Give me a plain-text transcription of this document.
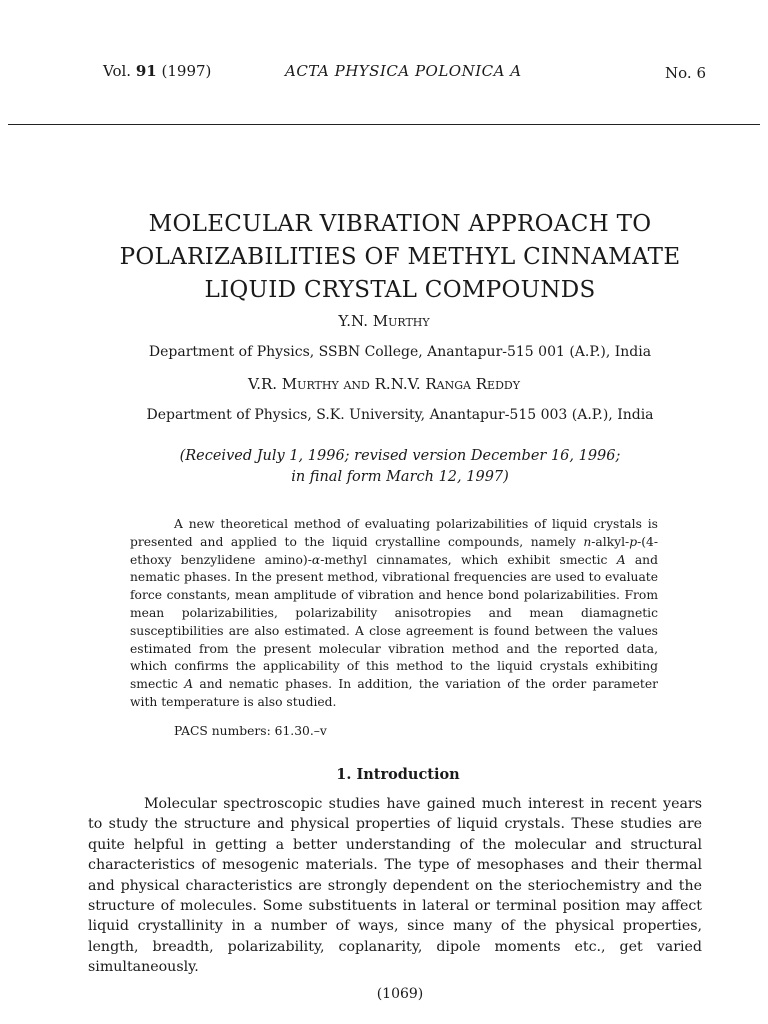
Vol. 91 (1997)	ACTA PHYSICA POLONICA A	No. 6
MOLECULAR VIBRATION APPROACH TO
POLARIZABILITIES OF METHYL CINNAMATE
LIQUID CRYSTAL COMPOUNDS
Y.N. Murthy
Department of Physics, SSBN College, Anantapur-515 001 (A.P.), India
V.R. Murthy and R.N.V. Ranga Reddy
Department of Physics, S.K. University, Anantapur-515 003 (A.P.), India
(Received July 1, 1996; revised version December 16, 1996;
in final form March 12, 1997)

A new theoretical method of evaluating polarizabilities of liquid crystals is presented and applied to the liquid crystalline compounds, namely n-alkyl-p-(4-ethoxy benzylidene amino)-α-methyl cinnamates, which exhibit smectic A and nematic phases. In the present method, vibrational frequencies are used to evaluate force constants, mean amplitude of vibration and hence bond polarizabilities. From mean polarizabilities, polarizability anisotropies and mean diamagnetic susceptibilities are also estimated. A close agreement is found between the values estimated from the present molecular vibration method and the reported data, which confirms the applicability of this method to the liquid crystals exhibiting smectic A and nematic phases. In addition, the variation of the order parameter with temperature is also studied.

PACS numbers: 61.30.–v
1. Introduction

Molecular spectroscopic studies have gained much interest in recent years to study the structure and physical properties of liquid crystals. These studies are quite helpful in getting a better understanding of the molecular and structural characteristics of mesogenic materials. The type of mesophases and their thermal and physical characteristics are strongly dependent on the steriochemistry and the structure of molecules. Some substituents in lateral or terminal position may affect liquid crystallinity in a number of ways, since many of the physical properties, length, breadth, polarizability, coplanarity, dipole moments etc., get varied simultaneously.

(1069)
